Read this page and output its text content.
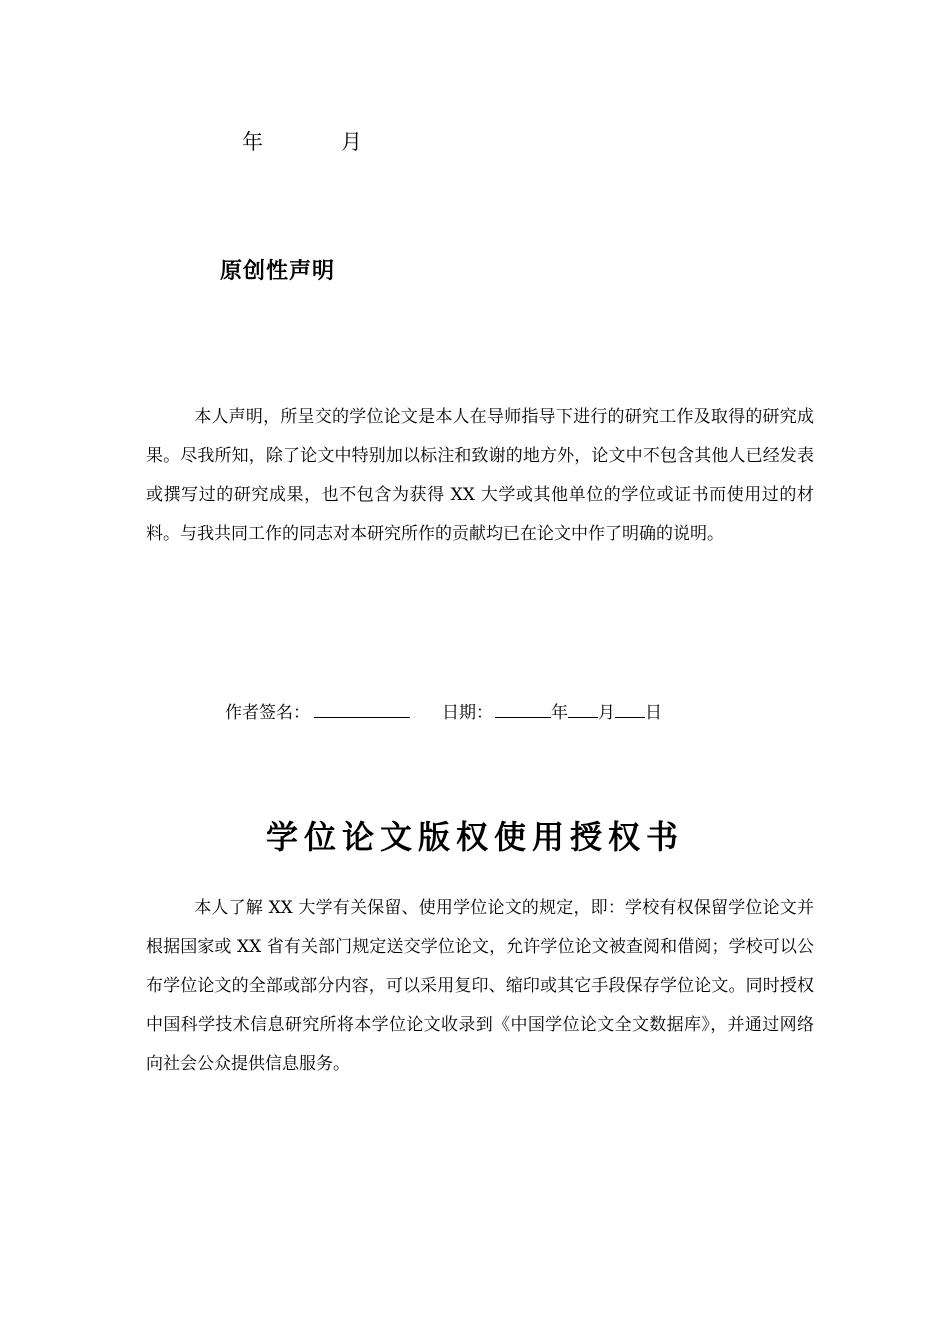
年	月
原创性声明

本人声明，所呈交的学位论文是本人在导师指导下进行的研究工作及取得的研究成果。尽我所知，除了论文中特别加以标注和致谢的地方外，论文中不包含其他人已经发表或撰写过的研究成果，也不包含为获得 XX 大学或其他单位的学位或证书而使用过的材料。与我共同工作的同志对本研究所作的贡献均已在论文中作了明确的说明。

作者签名：	日期：	年 月 日
学位论文版权使用授权书

本人了解 XX 大学有关保留、使用学位论文的规定，即：学校有权保留学位论文并根据国家或 XX 省有关部门规定送交学位论文，允许学位论文被查阅和借阅；学校可以公布学位论文的全部或部分内容，可以采用复印、缩印或其它手段保存学位论文。同时授权中国科学技术信息研究所将本学位论文收录到《中国学位论文全文数据库》，并通过网络向社会公众提供信息服务。
